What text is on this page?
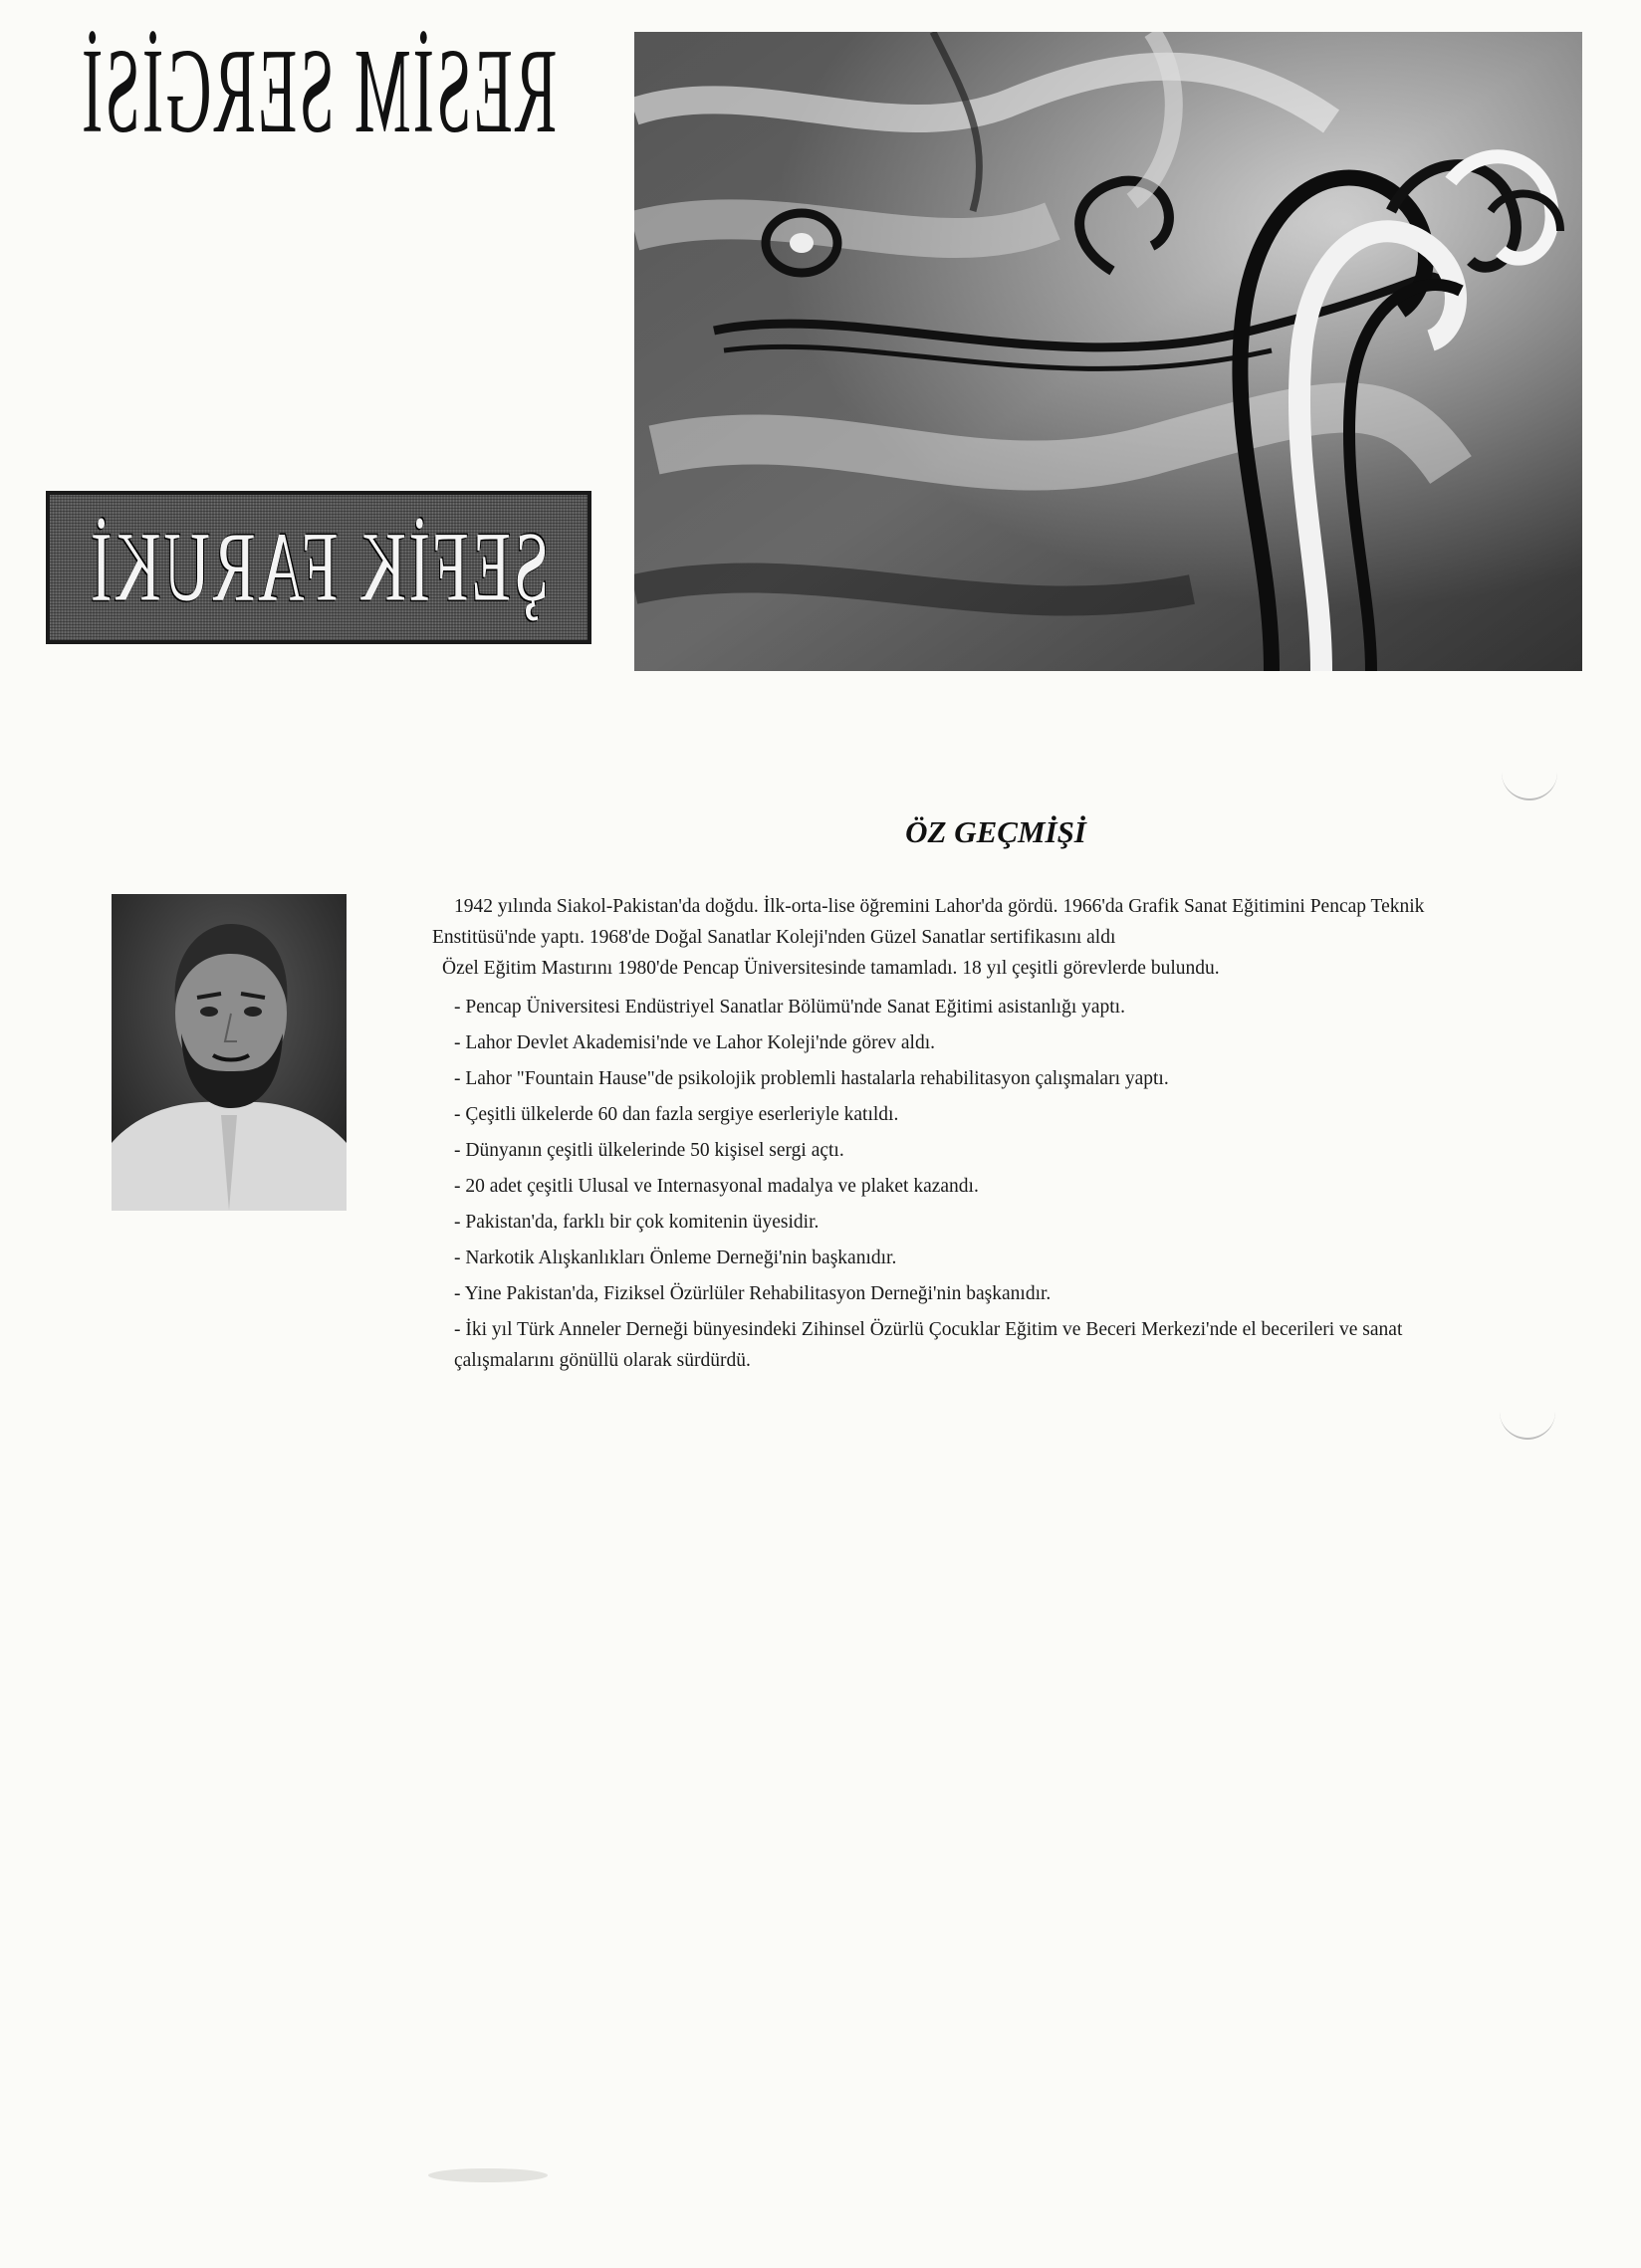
RESİM SERGİSİ
ŞEFİK FARUKİ
ÖZ GEÇMİŞİ

1942 yılında Siakol-Pakistan'da doğdu. İlk-orta-lise öğremini Lahor'da gördü. 1966'da Grafik Sanat Eğitimini Pencap Teknik Enstitüsü'nde yaptı. 1968'de Doğal Sanatlar Koleji'nden Güzel Sanatlar sertifikasını aldı

Özel Eğitim Mastırını 1980'de Pencap Üniversitesinde tamamladı. 18 yıl çeşitli görevlerde bulundu.

- Pencap Üniversitesi Endüstriyel Sanatlar Bölümü'nde Sanat Eğitimi asistanlığı yaptı.
- Lahor Devlet Akademisi'nde ve Lahor Koleji'nde görev aldı.
- Lahor "Fountain Hause"de psikolojik problemli hastalarla rehabilitasyon çalışmaları yaptı.
- Çeşitli ülkelerde 60 dan fazla sergiye eserleriyle katıldı.
- Dünyanın çeşitli ülkelerinde 50 kişisel sergi açtı.
- 20 adet çeşitli Ulusal ve Internasyonal madalya ve plaket kazandı.
- Pakistan'da, farklı bir çok komitenin üyesidir.
- Narkotik Alışkanlıkları Önleme Derneği'nin başkanıdır.
- Yine Pakistan'da, Fiziksel Özürlüler Rehabilitasyon Derneği'nin başkanıdır.
- İki yıl Türk Anneler Derneği bünyesindeki Zihinsel Özürlü Çocuklar Eğitim ve Beceri Merkezi'nde el becerileri ve sanat çalışmalarını gönüllü olarak sürdürdü.
